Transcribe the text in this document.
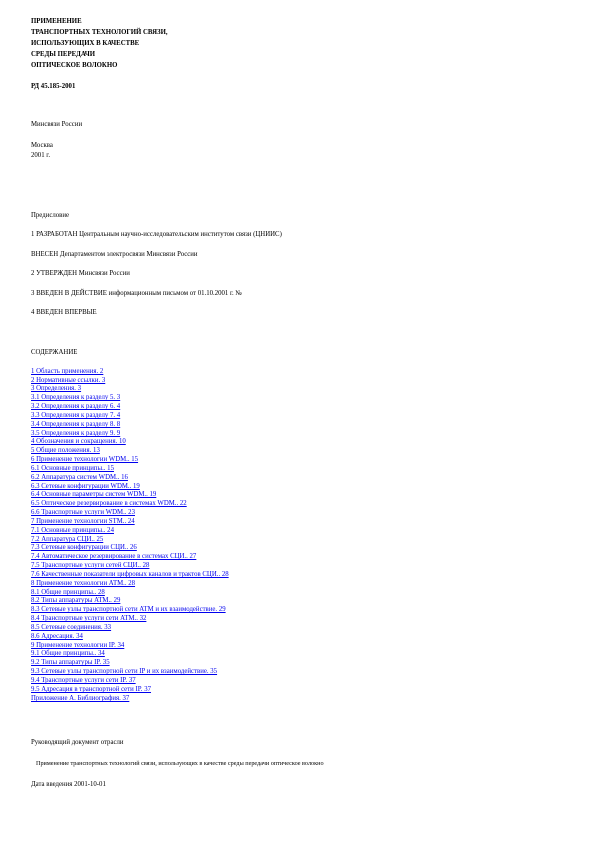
ПРИМЕНЕНИЕ
ТРАНСПОРТНЫХ ТЕХНОЛОГИЙ СВЯЗИ,
ИСПОЛЬЗУЮЩИХ В КАЧЕСТВЕ
СРЕДЫ ПЕРЕДАЧИ
ОПТИЧЕСКОЕ ВОЛОКНО
РД 45.185-2001
Минсвязи России
Москва
2001 г.
Предисловие
1 РАЗРАБОТАН Центральным научно-исследовательским институтом связи (ЦНИИС)
ВНЕСЕН Департаментом электросвязи Минсвязи России
2 УТВЕРЖДЕН Минсвязи России
3 ВВЕДЕН В ДЕЙСТВИЕ информационным письмом от 01.10.2001 г. №
4 ВВЕДЕН ВПЕРВЫЕ
СОДЕРЖАНИЕ
1 Область применения. 2
2 Нормативные ссылки. 3
3 Определения. 3
3.1 Определения к разделу 5. 3
3.2 Определения к разделу 6. 4
3.3 Определения к разделу 7. 4
3.4 Определения к разделу 8. 8
3.5 Определения к разделу 9. 9
4 Обозначения и сокращения. 10
5 Общие положения. 13
6 Применение технологии WDM.. 15
6.1 Основные принципы.. 15
6.2 Аппаратура систем WDM.. 16
6.3 Сетевые конфигурации WDM.. 19
6.4 Основные параметры систем WDM.. 19
6.5 Оптическое резервирование в системах WDM.. 22
6.6 Транспортные услуги WDM.. 23
7 Применение технологии STM.. 24
7.1 Основные принципы.. 24
7.2 Аппаратура СЦИ.. 25
7.3 Сетевые конфигурации СЦИ.. 26
7.4 Автоматическое резервирование в системах СЦИ.. 27
7.5 Транспортные услуги сетей СЦИ.. 28
7.6 Качественные показатели цифровых каналов и трактов СЦИ.. 28
8 Применение технологии ATM.. 28
8.1 Общие принципы.. 28
8.2 Типы аппаратуры ATM.. 29
8.3 Сетевые узлы транспортной сети ATM и их взаимодействие. 29
8.4 Транспортные услуги сети ATM.. 32
8.5 Сетевые соединения. 33
8.6 Адресация. 34
9 Применение технологии IP. 34
9.1 Общие принципы.. 34
9.2 Типы аппаратуры IP. 35
9.3 Сетевые узлы транспортной сети IP и их взаимодействие. 35
9.4 Транспортные услуги сети IP. 37
9.5 Адресация в транспортной сети IP. 37
Приложение А. Библиография. 37
Руководящий документ отрасли
Применение транспортных технологий связи, использующих в качестве среды передачи оптическое волокно
Дата введения 2001-10-01
